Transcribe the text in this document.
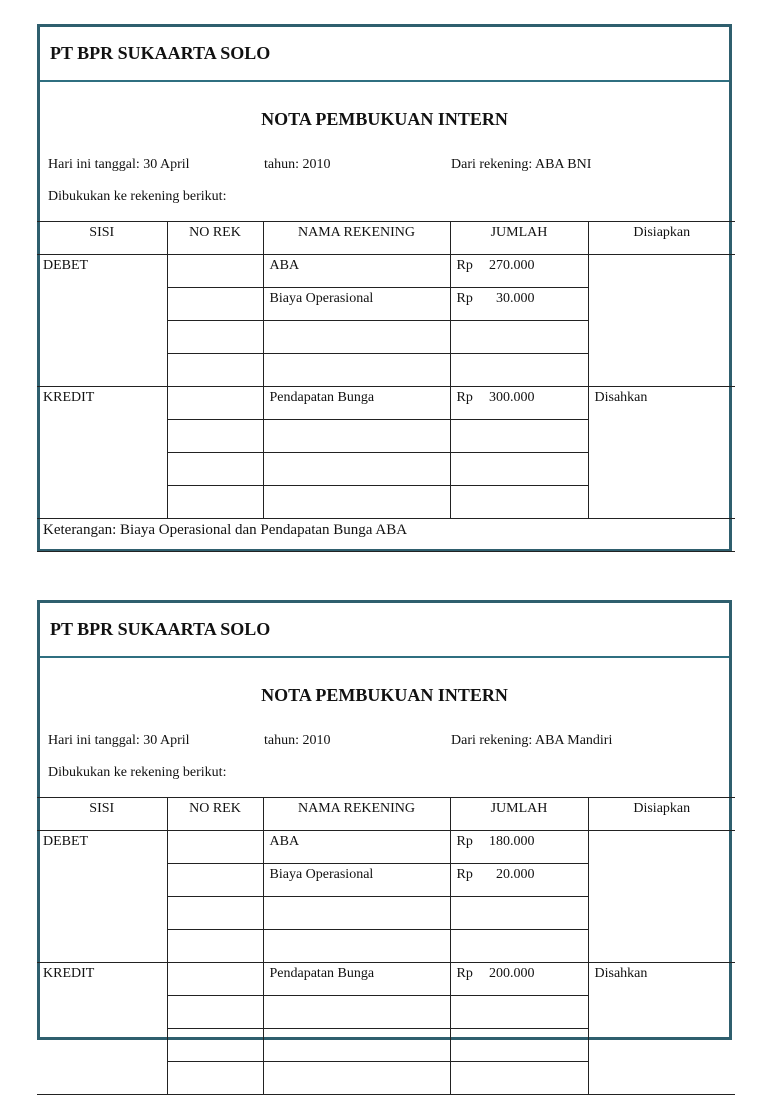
PT BPR SUKAARTA SOLO
NOTA PEMBUKUAN INTERN
Hari ini tanggal: 30 April	tahun: 2010	Dari rekening: ABA BNI
Dibukukan ke rekening berikut:
SISI	NO REK	NAMA REKENING	JUMLAH	Disiapkan
DEBET		ABA	Rp 270.000	

		Biaya Operasional	Rp 30.000	

KREDIT		Pendapatan Bunga	Rp 300.000	Disahkan

Keterangan: Biaya Operasional dan Pendapatan Bunga ABA				
PT BPR SUKAARTA SOLO
NOTA PEMBUKUAN INTERN
Hari ini tanggal: 30 April	tahun: 2010	Dari rekening: ABA Mandiri
Dibukukan ke rekening berikut:
SISI	NO REK	NAMA REKENING	JUMLAH	Disiapkan
DEBET		ABA	Rp 180.000	

		Biaya Operasional	Rp 20.000	

KREDIT		Pendapatan Bunga	Rp 200.000	Disahkan
